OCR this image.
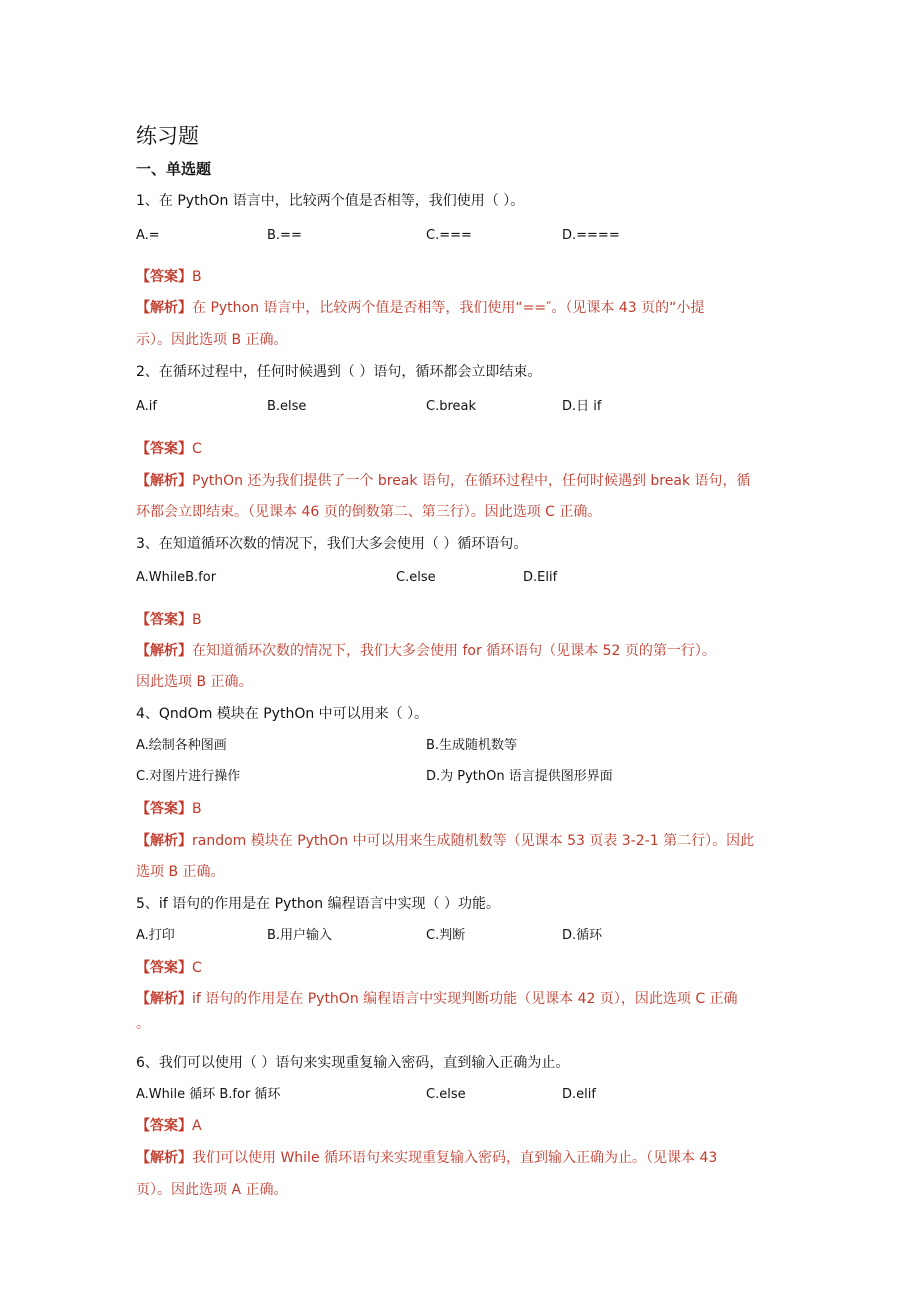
练习题
一、单选题
1、在 PythOn 语言中，比较两个值是否相等，我们使用（ ）。
A.=	B.==	C.===	D.====
【答案】B
【解析】在 Python 语言中，比较两个值是否相等，我们使用“==″。（见课本 43 页的“小提
示）。因此选项 B 正确。
2、在循环过程中，任何时候遇到（ ）语句，循环都会立即结束。
A.if	B.else	C.break	D.日 if
【答案】C
【解析】PythOn 还为我们提供了一个 break 语句，在循环过程中，任何时候遇到 break 语句，循
环都会立即结束。（见课本 46 页的倒数第二、第三行）。因此选项 C 正确。
3、在知道循环次数的情况下，我们大多会使用（ ）循环语句。
A.WhileB.for	C.else	D.Elif
【答案】B
【解析】在知道循环次数的情况下，我们大多会使用 for 循环语句（见课本 52 页的第一行）。
因此选项 B 正确。
4、QndOm 模块在 PythOn 中可以用来（ ）。
A.绘制各种图画	B.生成随机数等
C.对图片进行操作	D.为 PythOn 语言提供图形界面
【答案】B
【解析】random 模块在 PythOn 中可以用来生成随机数等（见课本 53 页表 3-2-1 第二行）。因此
选项 B 正确。
5、if 语句的作用是在 Python 编程语言中实现（ ）功能。
A.打印	B.用户输入	C.判断	D.循环
【答案】C
【解析】if 语句的作用是在 PythOn 编程语言中实现判断功能（见课本 42 页），因此选项 C 正确
。
6、我们可以使用（ ）语句来实现重复输入密码，直到输入正确为止。
A.While 循环 B.for 循环	C.else	D.elif
【答案】A
【解析】我们可以使用 While 循环语句来实现重复输入密码，直到输入正确为止。（见课本 43
页）。因此选项 A 正确。
